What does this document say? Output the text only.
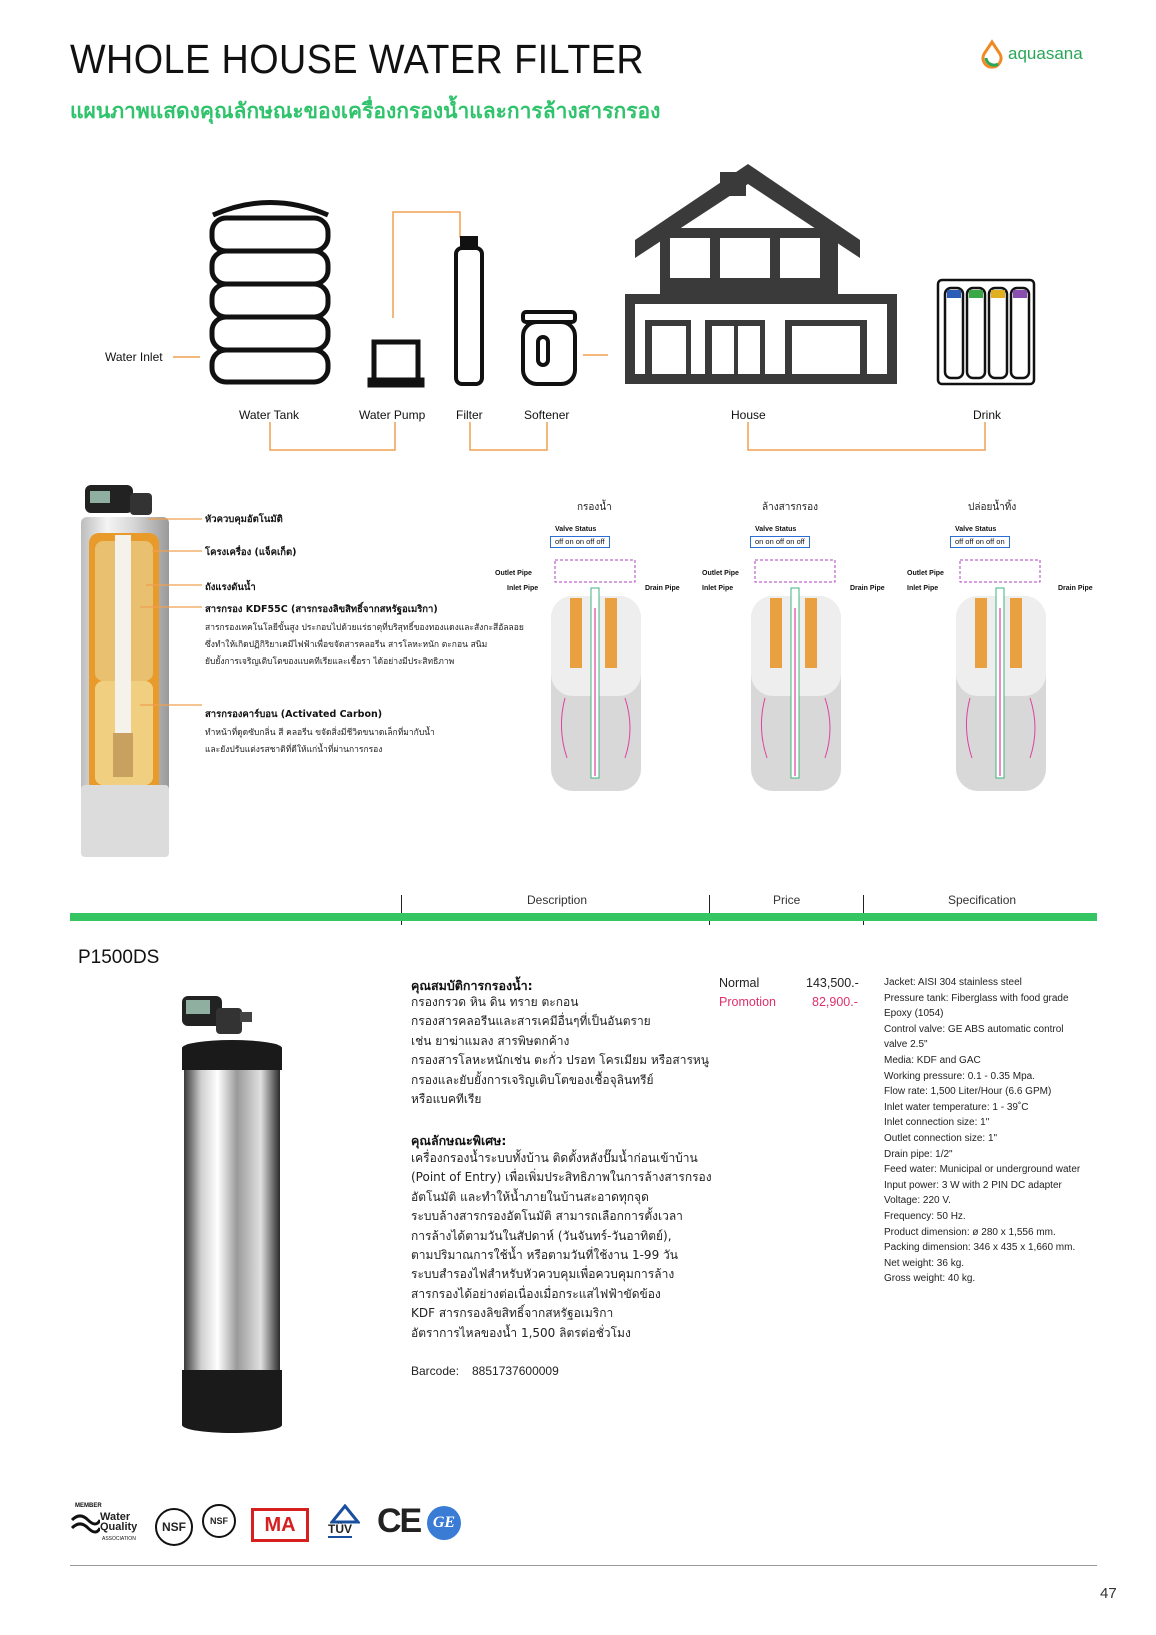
WHOLE HOUSE WATER FILTER
แผนภาพแสดงคุณลักษณะของเครื่องกรองน้ำและการล้างสารกรอง
aquasana
Water Inlet
Water Tank	Water Pump	Filter	Softener	House	Drink
หัวควบคุมอัตโนมัติ
โครงเครื่อง (แจ็คเก็ต)
ถังแรงดันน้ำ
สารกรอง KDF55C (สารกรองลิขสิทธิ์จากสหรัฐอเมริกา)
สารกรองเทคโนโลยีขั้นสูง ประกอบไปด้วยแร่ธาตุที่บริสุทธิ์ของทองแดงและสังกะสีอัลลอย
ซึ่งทำให้เกิดปฏิกิริยาเคมีไฟฟ้าเพื่อขจัดสารคลอรีน สารโลหะหนัก ตะกอน สนิม
ยับยั้งการเจริญเติบโตของแบคทีเรียและเชื้อรา ได้อย่างมีประสิทธิภาพ
สารกรองคาร์บอน (Activated Carbon)
ทำหน้าที่ดูดซับกลิ่น สี คลอรีน ขจัดสิ่งมีชีวิตขนาดเล็กที่มากับน้ำ
และยังปรับแต่งรสชาติที่ดีให้แก่น้ำที่ผ่านการกรอง
กรองน้ำ
Valve Status
off on on off off
Outlet Pipe
Inlet Pipe	Drain Pipe
ล้างสารกรอง
Valve Status
on on off on off
Outlet Pipe
Inlet Pipe	Drain Pipe
ปล่อยน้ำทิ้ง
Valve Status
off off on off on
Outlet Pipe
Inlet Pipe	Drain Pipe
Description	Price	Specification
P1500DS
คุณสมบัติการกรองน้ำ:
กรองกรวด หิน ดิน ทราย ตะกอน
กรองสารคลอรีนและสารเคมีอื่นๆที่เป็นอันตราย
เช่น ยาฆ่าแมลง สารพิษตกค้าง
กรองสารโลหะหนักเช่น ตะกั่ว ปรอท โครเมียม หรือสารหนู
กรองและยับยั้งการเจริญเติบโตของเชื้อจุลินทรีย์
หรือแบคทีเรีย
คุณลักษณะพิเศษ:
เครื่องกรองน้ำระบบทั้งบ้าน ติดตั้งหลังปั๊มน้ำก่อนเข้าบ้าน
(Point of Entry) เพื่อเพิ่มประสิทธิภาพในการล้างสารกรอง
อัตโนมัติ และทำให้น้ำภายในบ้านสะอาดทุกจุด
ระบบล้างสารกรองอัตโนมัติ สามารถเลือกการตั้งเวลา
การล้างได้ตามวันในสัปดาห์ (วันจันทร์-วันอาทิตย์),
ตามปริมาณการใช้น้ำ หรือตามวันที่ใช้งาน 1-99 วัน
ระบบสำรองไฟสำหรับหัวควบคุมเพื่อควบคุมการล้าง
สารกรองได้อย่างต่อเนื่องเมื่อกระแสไฟฟ้าขัดข้อง
KDF สารกรองลิขสิทธิ์จากสหรัฐอเมริกา
อัตราการไหลของน้ำ 1,500 ลิตรต่อชั่วโมง
Barcode: 8851737600009
Normal	143,500.-
Promotion	82,900.-
Jacket: AISI 304 stainless steel
Pressure tank: Fiberglass with food grade
Epoxy (1054)
Control valve: GE ABS automatic control
valve 2.5"
Media: KDF and GAC
Working pressure: 0.1 - 0.35 Mpa.
Flow rate: 1,500 Liter/Hour (6.6 GPM)
Inlet water temperature: 1 - 39˚C
Inlet connection size: 1"
Outlet connection size: 1"
Drain pipe: 1/2"
Feed water: Municipal or underground water
Input power: 3 W with 2 PIN DC adapter
Voltage: 220 V.
Frequency: 50 Hz.
Product dimension: ø 280 x 1,556 mm.
Packing dimension: 346 x 435 x 1,660 mm.
Net weight: 36 kg.
Gross weight: 40 kg.
MEMBER
Water Quality
ASSOCIATION
NSF	NSF	MA	TÜV CE GE
47
